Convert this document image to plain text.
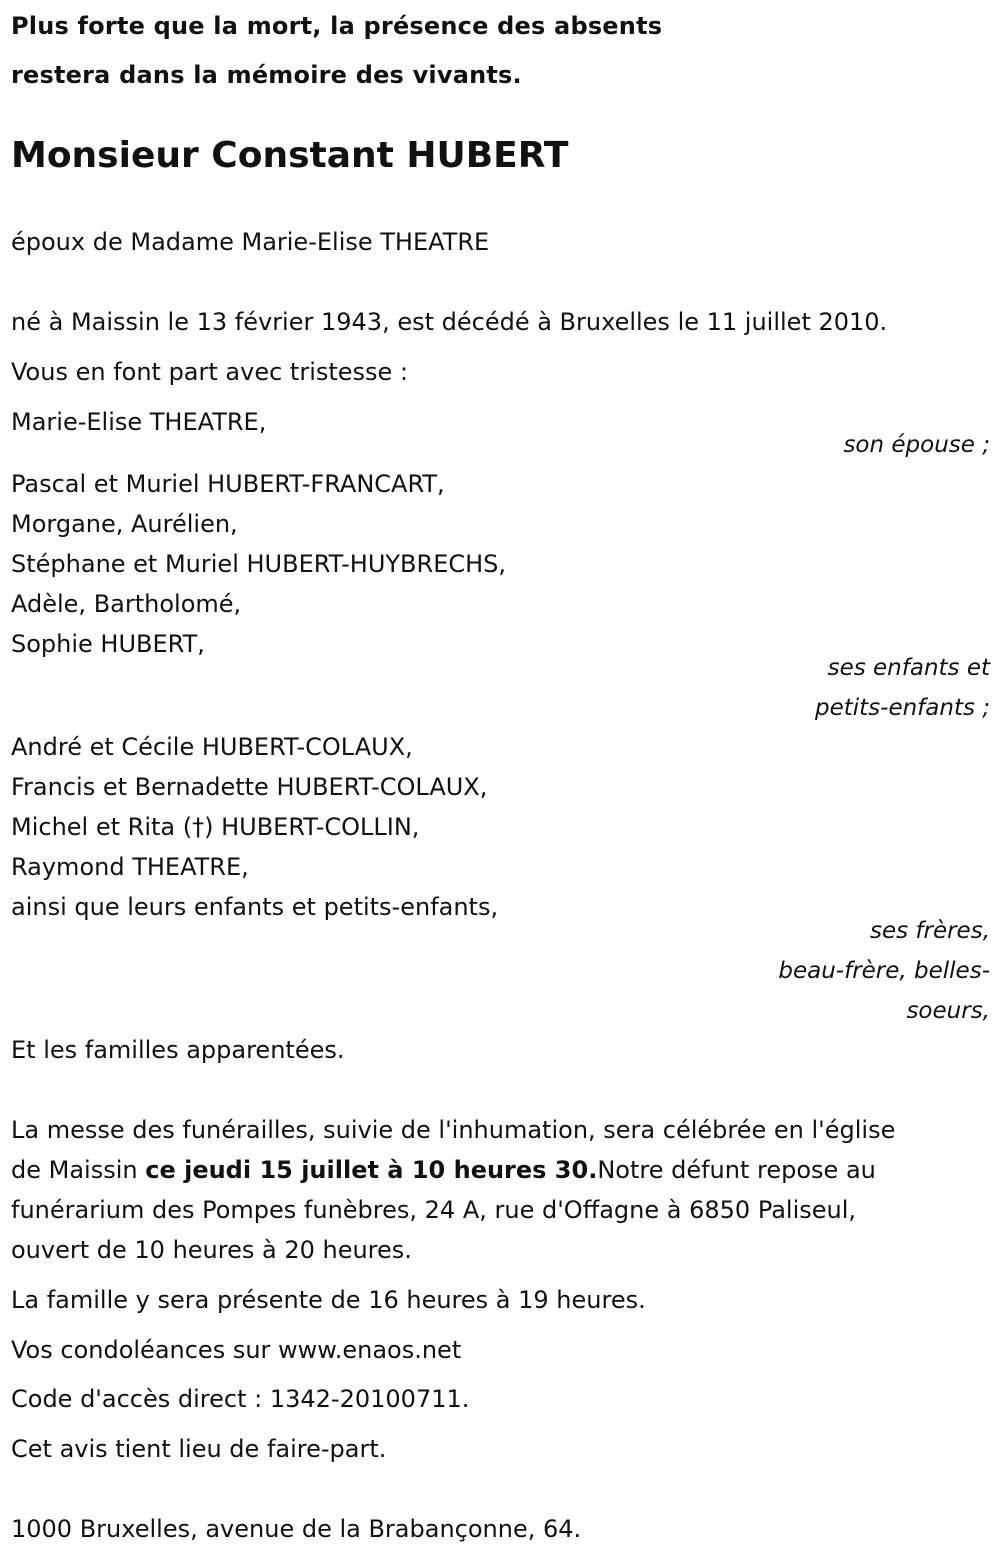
Plus forte que la mort, la présence des absents
restera dans la mémoire des vivants.
Monsieur Constant HUBERT
époux de Madame Marie-Elise THEATRE
né à Maissin le 13 février 1943, est décédé à Bruxelles le 11 juillet 2010.
Vous en font part avec tristesse :
Marie-Elise THEATRE,
son épouse ;
Pascal et Muriel HUBERT-FRANCART,
Morgane, Aurélien,
Stéphane et Muriel HUBERT-HUYBRECHS,
Adèle, Bartholomé,
Sophie HUBERT,
ses enfants et
petits-enfants ;
André et Cécile HUBERT-COLAUX,
Francis et Bernadette HUBERT-COLAUX,
Michel et Rita (†) HUBERT-COLLIN,
Raymond THEATRE,
ainsi que leurs enfants et petits-enfants,
ses frères,
beau-frère, belles-
soeurs,
Et les familles apparentées.
La messe des funérailles, suivie de l'inhumation, sera célébrée en l'église
de Maissin ce jeudi 15 juillet à 10 heures 30.Notre défunt repose au
funérarium des Pompes funèbres, 24 A, rue d'Offagne à 6850 Paliseul,
ouvert de 10 heures à 20 heures.
La famille y sera présente de 16 heures à 19 heures.
Vos condoléances sur www.enaos.net
Code d'accès direct : 1342-20100711.
Cet avis tient lieu de faire-part.
1000 Bruxelles, avenue de la Brabançonne, 64.
